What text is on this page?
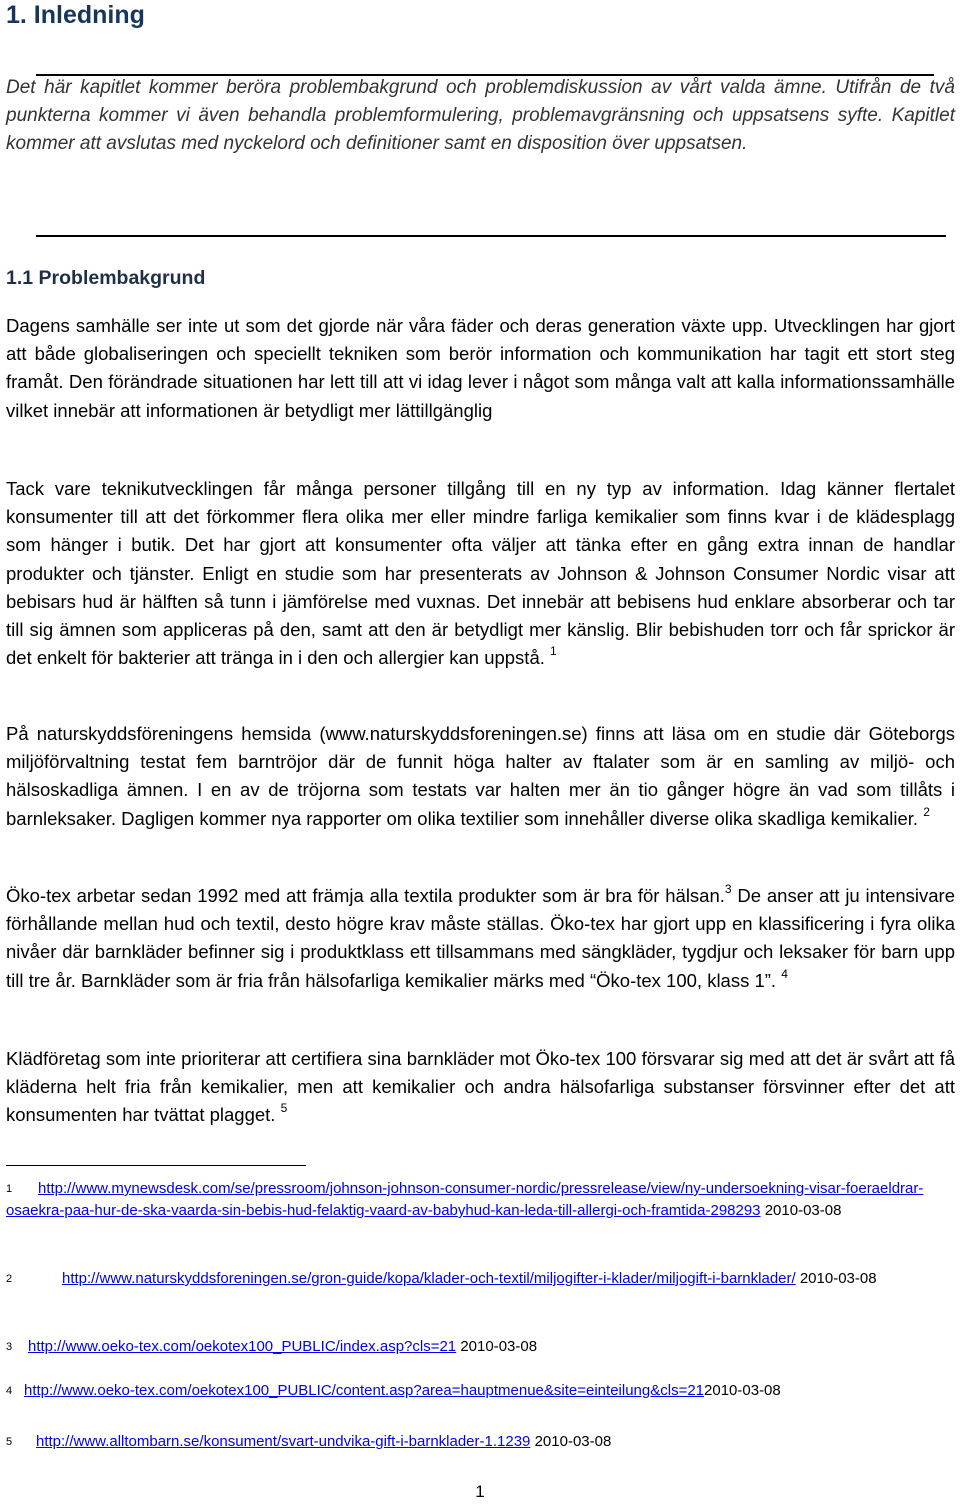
1. Inledning
Det här kapitlet kommer beröra problembakgrund och problemdiskussion av vårt valda ämne. Utifrån de två punkterna kommer vi även behandla problemformulering, problemavgränsning och uppsatsens syfte. Kapitlet kommer att avslutas med nyckelord och definitioner samt en disposition över uppsatsen.
1.1 Problembakgrund
Dagens samhälle ser inte ut som det gjorde när våra fäder och deras generation växte upp. Utvecklingen har gjort att både globaliseringen och speciellt tekniken som berör information och kommunikation har tagit ett stort steg framåt. Den förändrade situationen har lett till att vi idag lever i något som många valt att kalla informationssamhälle vilket innebär att informationen är betydligt mer lättillgänglig
Tack vare teknikutvecklingen får många personer tillgång till en ny typ av information. Idag känner flertalet konsumenter till att det förkommer flera olika mer eller mindre farliga kemikalier som finns kvar i de klädesplagg som hänger i butik. Det har gjort att konsumenter ofta väljer att tänka efter en gång extra innan de handlar produkter och tjänster. Enligt en studie som har presenterats av Johnson & Johnson Consumer Nordic visar att bebisars hud är hälften så tunn i jämförelse med vuxnas. Det innebär att bebisens hud enklare absorberar och tar till sig ämnen som appliceras på den, samt att den är betydligt mer känslig. Blir bebishuden torr och får sprickor är det enkelt för bakterier att tränga in i den och allergier kan uppstå. $^1$
På naturskyddsföreningens hemsida (www.naturskyddsforeningen.se) finns att läsa om en studie där Göteborgs miljöförvaltning testat fem barntröjor där de funnit höga halter av ftalater som är en samling av miljö- och hälsoskadliga ämnen. I en av de tröjorna som testats var halten mer än tio gånger högre än vad som tillåts i barnleksaker. Dagligen kommer nya rapporter om olika textilier som innehåller diverse olika skadliga kemikalier. $^2$
Öko-tex arbetar sedan 1992 med att främja alla textila produkter som är bra för hälsan.$^3$ De anser att ju intensivare förhållande mellan hud och textil, desto högre krav måste ställas. Öko-tex har gjort upp en klassificering i fyra olika nivåer där barnkläder befinner sig i produktklass ett tillsammans med sängkläder, tygdjur och leksaker för barn upp till tre år. Barnkläder som är fria från hälsofarliga kemikalier märks med “Öko-tex 100, klass 1”. $^4$
Klädföretag som inte prioriterar att certifiera sina barnkläder mot Öko-tex 100 försvarar sig med att det är svårt att få kläderna helt fria från kemikalier, men att kemikalier och andra hälsofarliga substanser försvinner efter det att konsumenten har tvättat plagget. $^5$
1	http://www.mynewsdesk.com/se/pressroom/johnson-johnson-consumer-nordic/pressrelease/view/ny-undersoekning-visar-foeraeldrar-osaekra-paa-hur-de-ska-vaarda-sin-bebis-hud-felaktig-vaard-av-babyhud-kan-leda-till-allergi-och-framtida-298293 2010-03-08
2	http://www.naturskyddsforeningen.se/gron-guide/kopa/klader-och-textil/miljogifter-i-klader/miljogift-i-barnklader/ 2010-03-08
3	http://www.oeko-tex.com/oekotex100_PUBLIC/index.asp?cls=21 2010-03-08
4 http://www.oeko-tex.com/oekotex100_PUBLIC/content.asp?area=hauptmenue&site=einteilung&cls=212010-03-08
5	http://www.alltombarn.se/konsument/svart-undvika-gift-i-barnklader-1.1239 2010-03-08
1
